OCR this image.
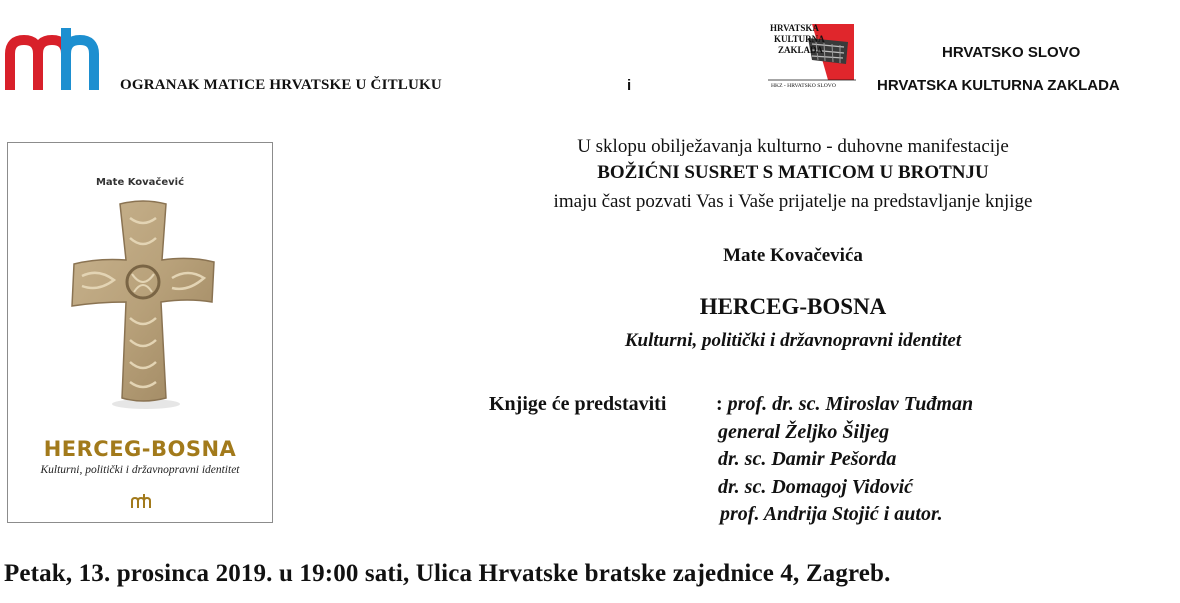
OGRANAK MATICE HRVATSKE U ČITLUKU	i
HRVATSKA
KULTURNA
ZAKLADA
HKZ - HRVATSKO SLOVO
HRVATSKO SLOVO
HRVATSKA KULTURNA ZAKLADA
Mate Kovačević
HERCEG-BOSNA
Kulturni, politički i državnopravni identitet
U sklopu obilježavanja kulturno - duhovne manifestacije
BOŽIĆNI SUSRET S MATICOM U BROTNJU
imaju čast pozvati Vas i Vaše prijatelje na predstavljanje knjige
Mate Kovačevića
HERCEG-BOSNA
Kulturni, politički i državnopravni identitet
Knjige će predstaviti : prof. dr. sc. Miroslav Tuđman
general Željko Šiljeg
dr. sc. Damir Pešorda
dr. sc. Domagoj Vidović
prof. Andrija Stojić i autor.
Petak, 13. prosinca 2019. u 19:00 sati, Ulica Hrvatske bratske zajednice 4, Zagreb.
